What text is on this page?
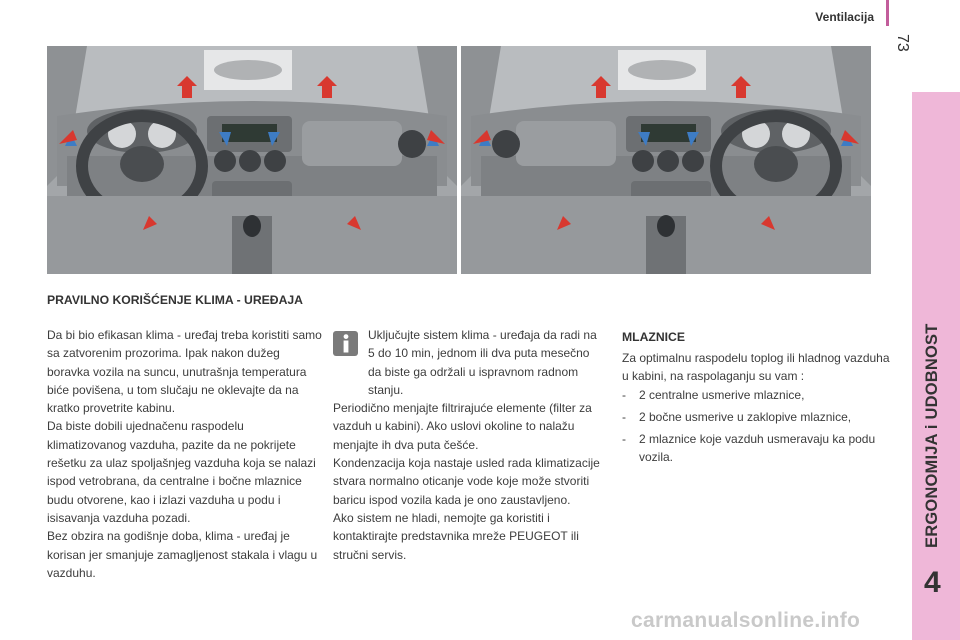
Ventilacija
73
ERGONOMIJA i UDOBNOST
4
PRAVILNO KORIŠĆENJE KLIMA - UREĐAJA

Da bi bio efikasan klima - uređaj treba koristiti samo sa zatvorenim prozorima. Ipak nakon dužeg boravka vozila na suncu, unutrašnja temperatura biće povišena, u tom slučaju ne oklevajte da na kratko provetrite kabinu.

Da biste dobili ujednačenu raspodelu klimatizovanog vazduha, pazite da ne pokrijete rešetku za ulaz spoljašnjeg vazduha koja se nalazi ispod vetrobrana, da centralne i bočne mlaznice budu otvorene, kao i izlazi vazduha u podu i isisavanja vazduha pozadi.

Bez obzira na godišnje doba, klima - uređaj je korisan jer smanjuje zamagljenost stakala i vlagu u vazduhu.

Uključujte sistem klima - uređaja da radi na 5 do 10 min, jednom ili dva puta mesečno da biste ga održali u ispravnom radnom stanju.

Periodično menjajte filtrirajuće elemente (filter za vazduh u kabini). Ako uslovi okoline to nalažu menjajte ih dva puta češće.

Kondenzacija koja nastaje usled rada klimatizacije stvara normalno oticanje vode koje može stvoriti baricu ispod vozila kada je ono zaustavljeno.

Ako sistem ne hladi, nemojte ga koristiti i kontaktirajte predstavnika mreže PEUGEOT ili stručni servis.

MLAZNICE

Za optimalnu raspodelu toplog ili hladnog vazduha u kabini, na raspolaganju su vam :

-	2 centralne usmerive mlaznice,
-	2 bočne usmerive u zaklopive mlaznice,
-	2 mlaznice koje vazduh usmeravaju ka podu vozila.
carmanualsonline.info
